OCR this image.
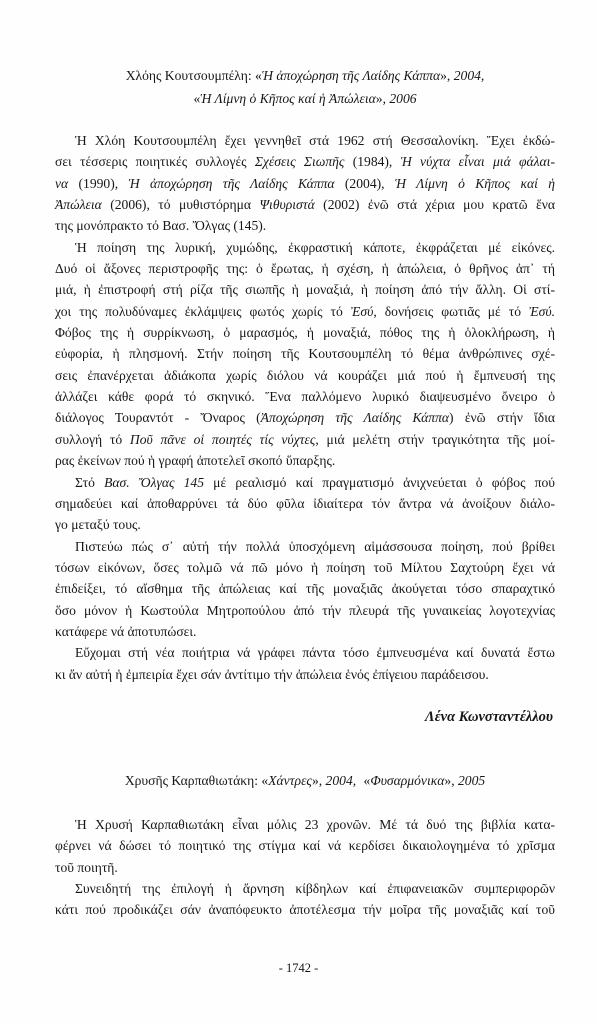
Χλόης Κουτσουμπέλη: «Ἡ ἀποχώρηση τῆς Λαίδης Κάππα», 2004,
«Ἡ Λίμνη ὁ Κῆπος καί ἡ Ἀπώλεια», 2006
Ἡ Χλόη Κουτσουμπέλη ἔχει γεννηθεῖ στά 1962 στή Θεσσαλονίκη. Ἔχει ἐκδώ-
σει τέσσερις ποιητικές συλλογές Σχέσεις Σιωπῆς (1984), Ἡ νύχτα εἶναι μιά φάλαι-
να (1990), Ἡ ἀποχώρηση τῆς Λαίδης Κάππα (2004), Ἡ Λίμνη ὁ Κῆπος καί ἡ
Ἀπώλεια (2006), τό μυθιστόρημα Ψιθυριστά (2002) ἐνῶ στά χέρια μου κρατῶ ἕνα
της μονόπρακτο τό Βασ. Ὄλγας (145).
Ἡ ποίηση της λυρική, χυμώδης, ἐκφραστική κάποτε, ἐκφράζεται μέ εἰκόνες.
Δυό οἱ ἄξονες περιστροφῆς της: ὁ ἔρωτας, ἡ σχέση, ἡ ἀπώλεια, ὁ θρῆνος ἀπ᾿ τή
μιά, ἡ ἐπιστροφή στή ρίζα τῆς σιωπῆς ἡ μοναξιά, ἡ ποίηση ἀπό τήν ἄλλη. Οἱ στί-
χοι της πολυδύναμες ἐκλάμψεις φωτός χωρίς τό Ἐσύ, δονήσεις φωτιᾶς μέ τό Ἐσύ.
Φόβος της ἡ συρρίκνωση, ὁ μαρασμός, ἡ μοναξιά, πόθος της ἡ ὁλοκλήρωση, ἡ
εὐφορία, ἡ πλησμονή. Στήν ποίηση τῆς Κουτσουμπέλη τό θέμα ἀνθρώπινες σχέ-
σεις ἐπανέρχεται ἀδιάκοπα χωρίς διόλου νά κουράζει μιά πού ἡ ἔμπνευσή της
ἀλλάζει κάθε φορά τό σκηνικό. Ἕνα παλλόμενο λυρικό διαψευσμένο ὄνειρο ὁ
διάλογος Τουραντότ - Ὄναρος (Ἀποχώρηση τῆς Λαίδης Κάππα) ἐνῶ στήν ἴδια
συλλογή τό Ποῦ πᾶνε οἱ ποιητές τίς νύχτες, μιά μελέτη στήν τραγικότητα τῆς μοί-
ρας ἐκείνων πού ἡ γραφή ἀποτελεῖ σκοπό ὕπαρξης.
Στό Βασ. Ὄλγας 145 μέ ρεαλισμό καί πραγματισμό ἀνιχνεύεται ὁ φόβος πού
σημαδεύει καί ἀποθαρρύνει τά δύο φῦλα ἰδιαίτερα τόν ἄντρα νά ἀνοίξουν διάλο-
γο μεταξύ τους.
Πιστεύω πώς σ᾿ αὐτή τήν πολλά ὑποσχόμενη αἱμάσσουσα ποίηση, πού βρίθει
τόσων εἰκόνων, ὅσες τολμῶ νά πῶ μόνο ἡ ποίηση τοῦ Μίλτου Σαχτούρη ἔχει νά
ἐπιδείξει, τό αἴσθημα τῆς ἀπώλειας καί τῆς μοναξιᾶς ἀκούγεται τόσο σπαραχτικό
ὅσο μόνον ἡ Κωστούλα Μητροπούλου ἀπό τήν πλευρά τῆς γυναικείας λογοτεχνίας
κατάφερε νά ἀποτυπώσει.
Εὔχομαι στή νέα ποιήτρια νά γράφει πάντα τόσο ἐμπνευσμένα καί δυνατά ἔστω
κι ἄν αὐτή ἡ ἐμπειρία ἔχει σάν ἀντίτιμο τήν ἀπώλεια ἑνός ἐπίγειου παράδεισου.
Λένα Κωνσταντέλλου
Χρυσῆς Καρπαθιωτάκη: «Χάντρες», 2004, «Φυσαρμόνικα», 2005
Ἡ Χρυσή Καρπαθιωτάκη εἶναι μόλις 23 χρονῶν. Μέ τά δυό της βιβλία κατα-
φέρνει νά δώσει τό ποιητικό της στίγμα καί νά κερδίσει δικαιολογημένα τό χρῖσμα
τοῦ ποιητῆ.
Συνειδητή της ἐπιλογή ἡ ἄρνηση κίβδηλων καί ἐπιφανειακῶν συμπεριφορῶν
κάτι πού προδικάζει σάν ἀναπόφευκτο ἀποτέλεσμα τήν μοῖρα τῆς μοναξιᾶς καί τοῦ
- 1742 -
